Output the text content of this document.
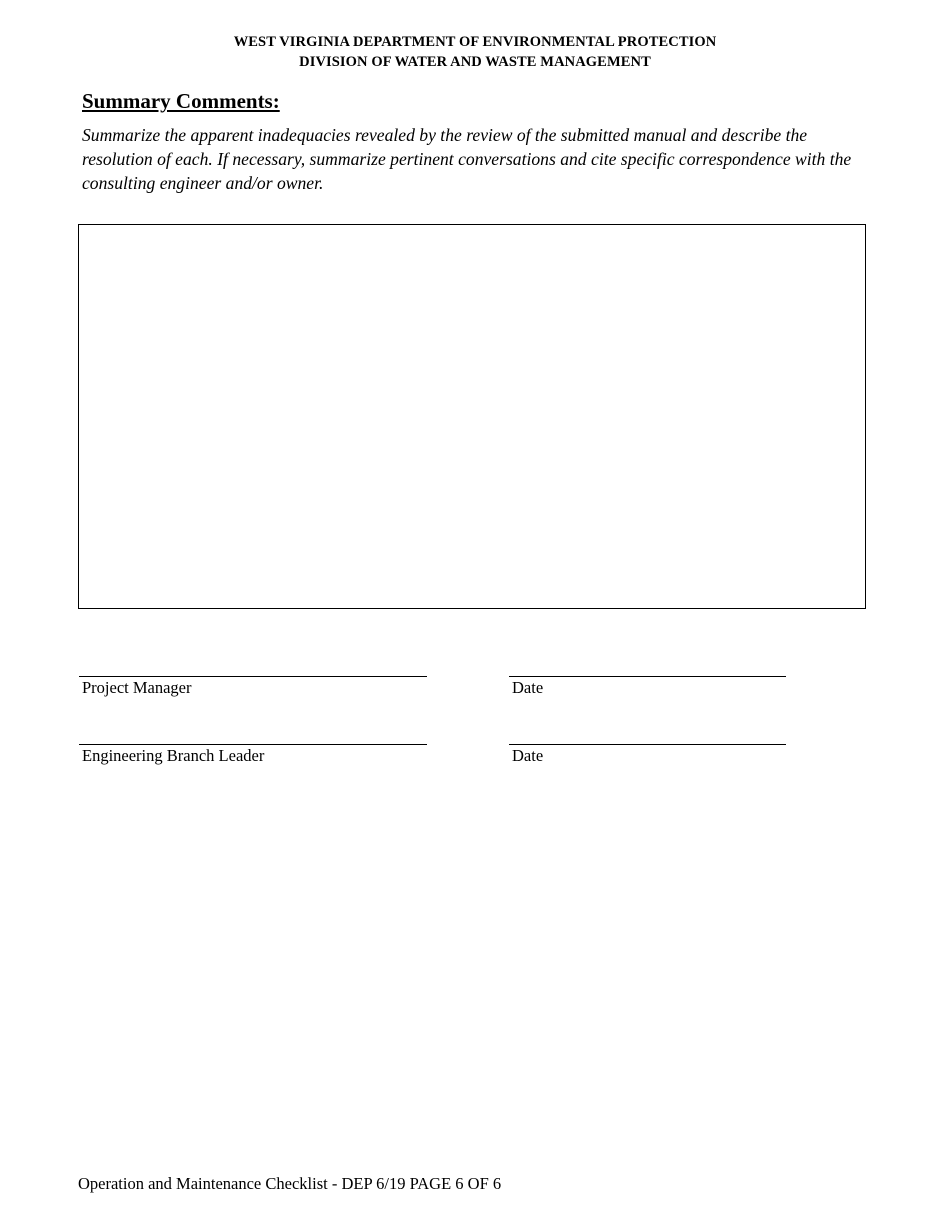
WEST VIRGINIA DEPARTMENT OF ENVIRONMENTAL PROTECTION
DIVISION OF WATER AND WASTE MANAGEMENT
Summary Comments:
Summarize the apparent inadequacies revealed by the review of the submitted manual and describe the resolution of each. If necessary, summarize pertinent conversations and cite specific correspondence with the consulting engineer and/or owner.
Project Manager	Date
Engineering Branch Leader	Date
Operation and Maintenance Checklist - DEP 6/19 PAGE 6 OF 6
